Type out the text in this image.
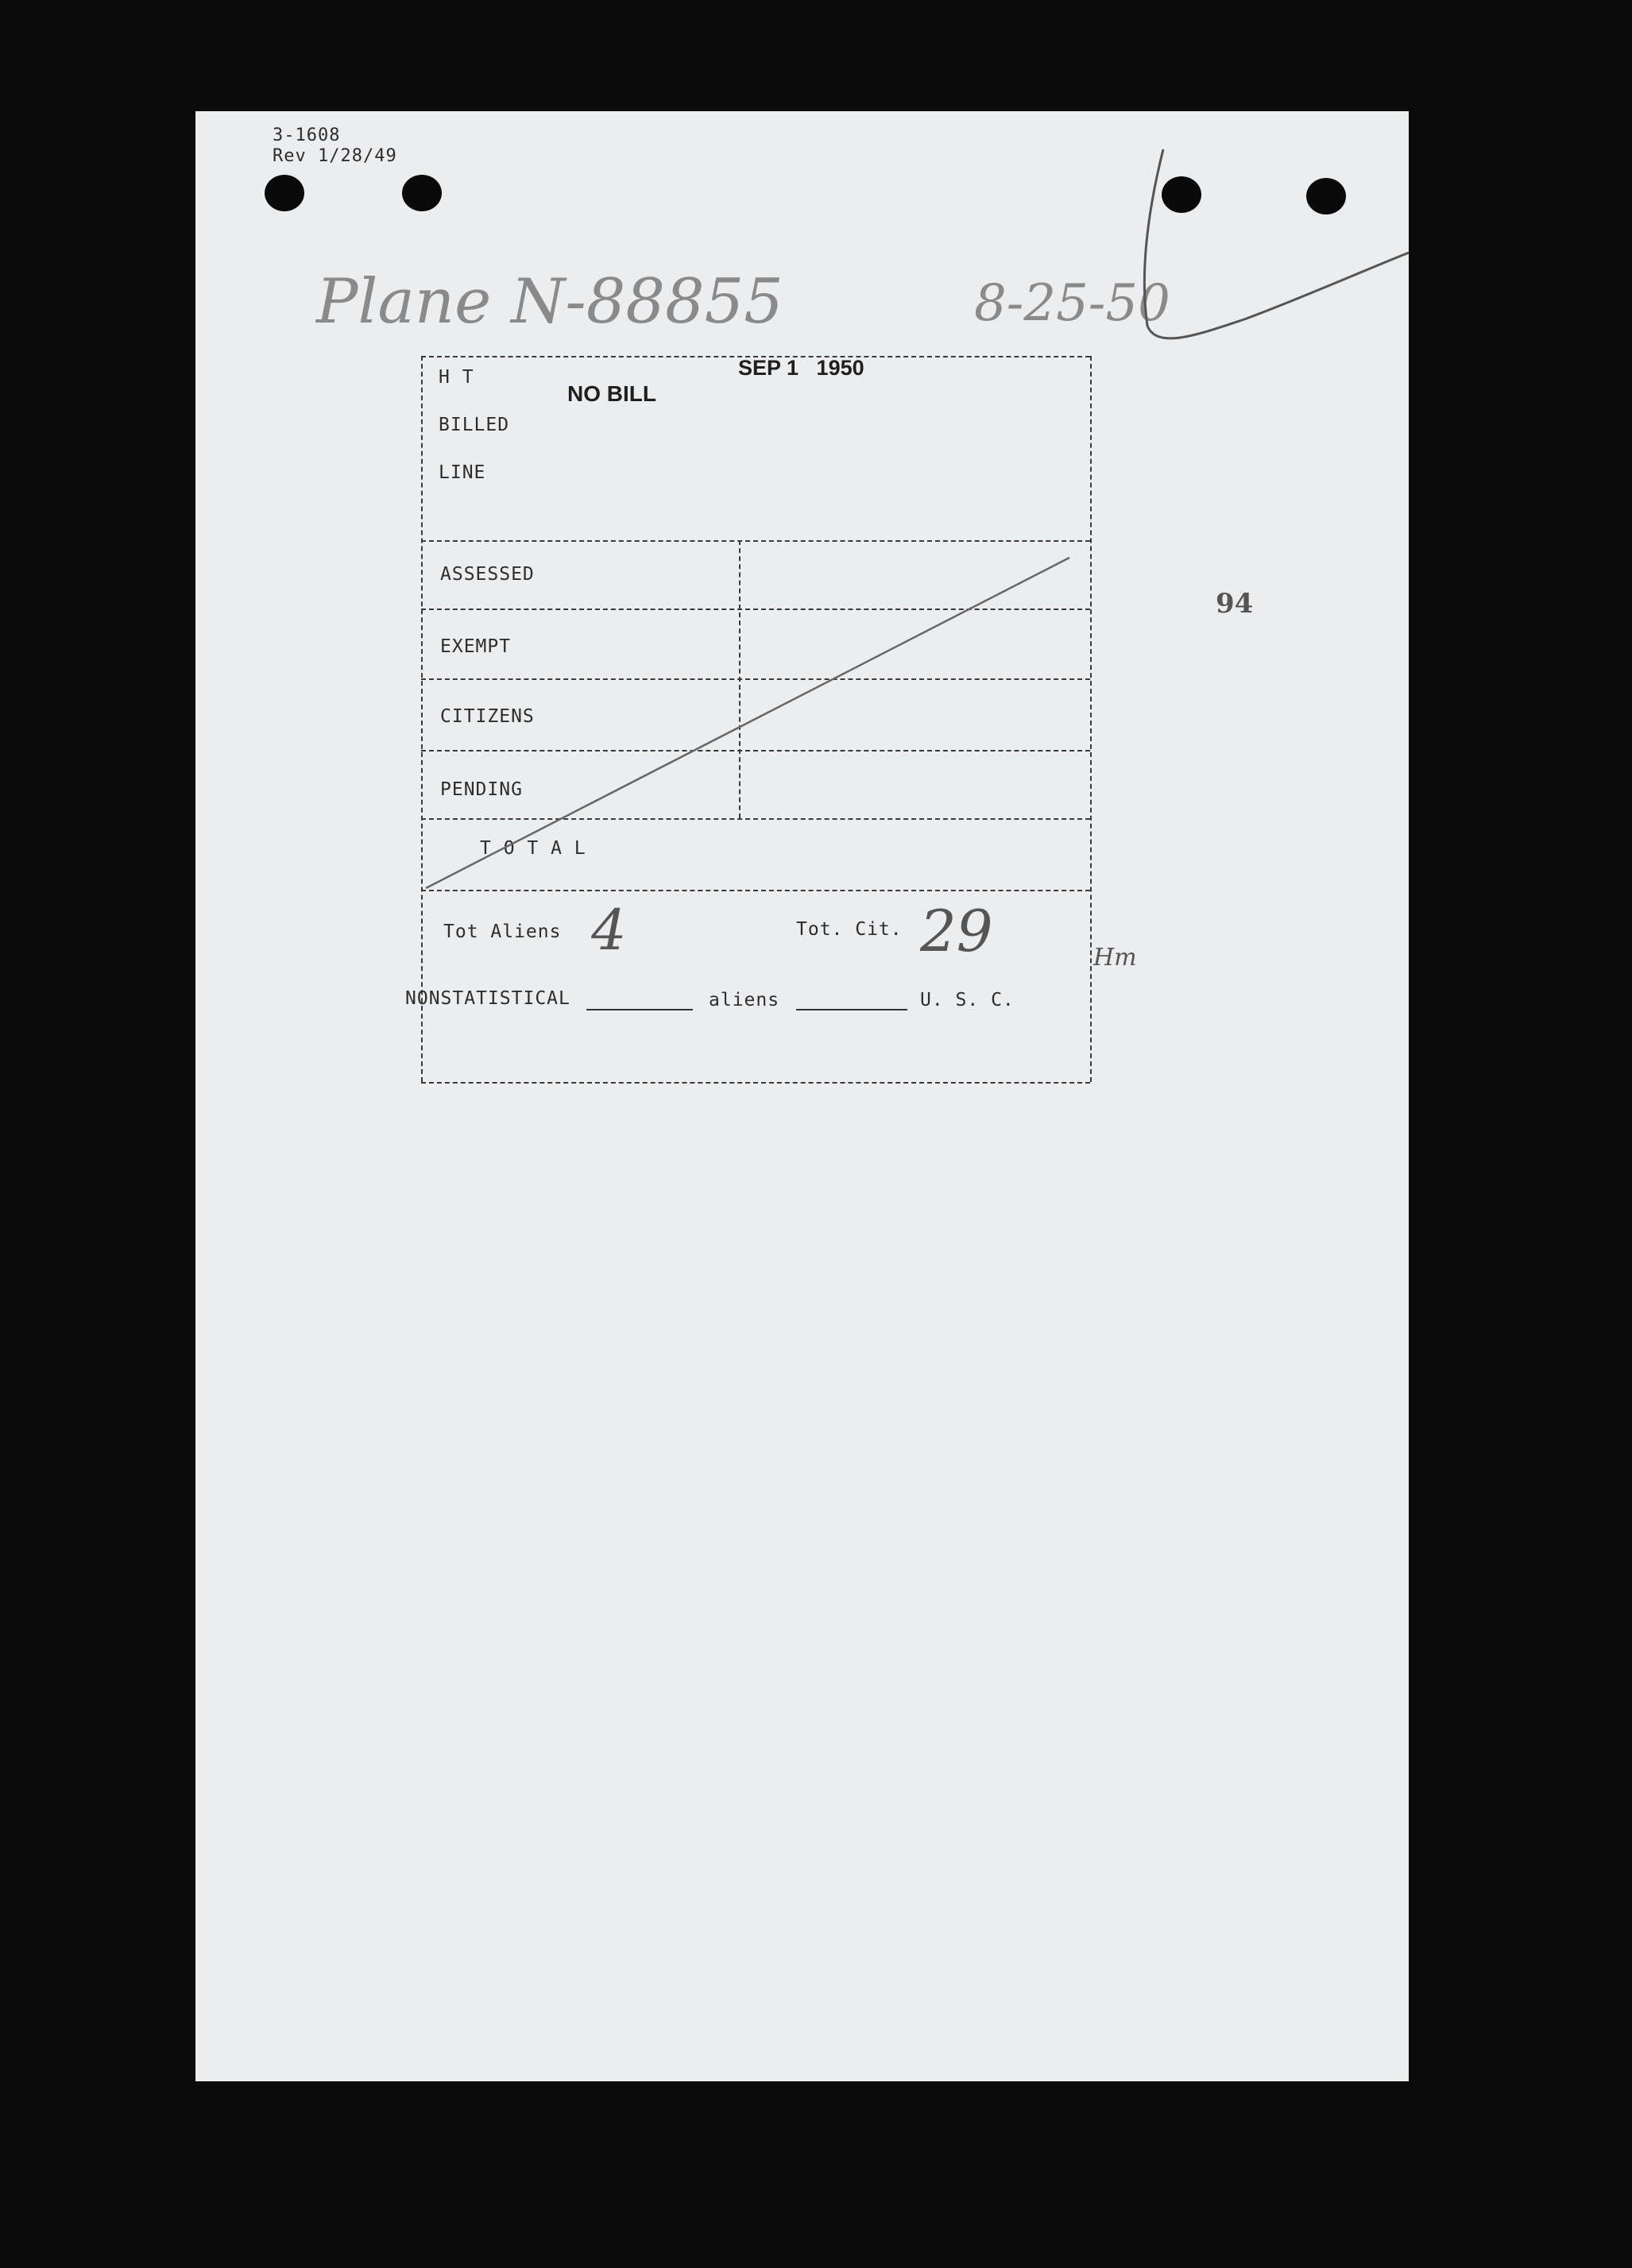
3-1608
Rev 1/28/49
Plane N-88855	8-25-50
NO BILL
SEP 1   1950
H T
BILLED
LINE
ASSESSED
EXEMPT
CITIZENS
PENDING
T O T A L
Tot Aliens 4	Tot. Cit. 29	Hm
NONSTATISTICAL	aliens	U. S. C.
94
